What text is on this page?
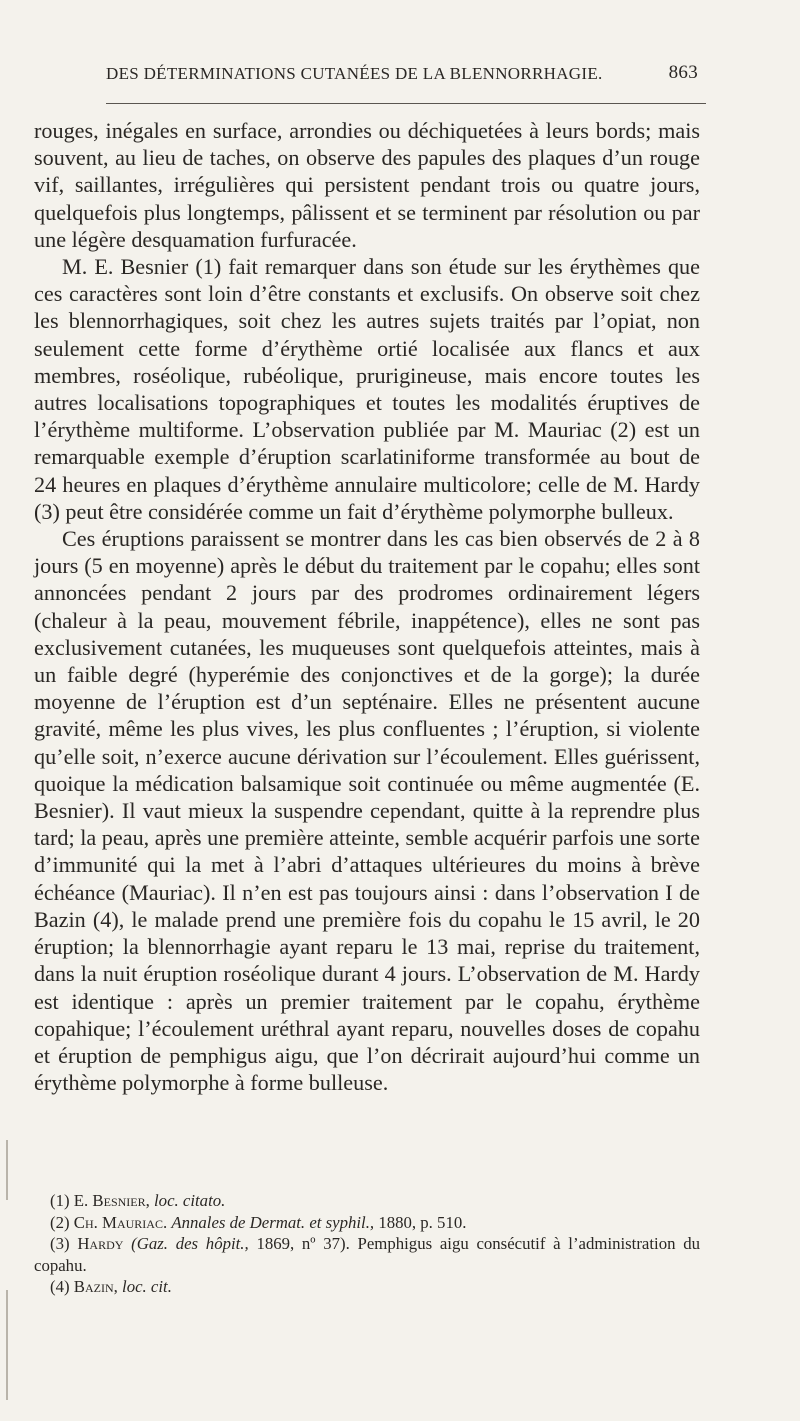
DES DÉTERMINATIONS CUTANÉES DE LA BLENNORRHAGIE.	863

rouges, inégales en surface, arrondies ou déchiquetées à leurs bords; mais souvent, au lieu de taches, on observe des papules des plaques d’un rouge vif, saillantes, irrégulières qui persistent pendant trois ou quatre jours, quelquefois plus longtemps, pâlissent et se terminent par résolution ou par une légère desquamation furfuracée.

M. E. Besnier (1) fait remarquer dans son étude sur les érythèmes que ces caractères sont loin d’être constants et exclusifs. On observe soit chez les blennorrhagiques, soit chez les autres sujets traités par l’opiat, non seulement cette forme d’érythème ortié localisée aux flancs et aux membres, roséolique, rubéolique, prurigineuse, mais encore toutes les autres localisations topographiques et toutes les modalités éruptives de l’érythème multiforme. L’observation publiée par M. Mauriac (2) est un remarquable exemple d’éruption scarlatiniforme transformée au bout de 24 heures en plaques d’érythème annulaire multicolore; celle de M. Hardy (3) peut être considérée comme un fait d’érythème polymorphe bulleux.

Ces éruptions paraissent se montrer dans les cas bien observés de 2 à 8 jours (5 en moyenne) après le début du traitement par le copahu; elles sont annoncées pendant 2 jours par des prodromes ordinairement légers (chaleur à la peau, mouvement fébrile, inappétence), elles ne sont pas exclusivement cutanées, les muqueuses sont quelquefois atteintes, mais à un faible degré (hyperémie des conjonctives et de la gorge); la durée moyenne de l’éruption est d’un septénaire. Elles ne présentent aucune gravité, même les plus vives, les plus confluentes ; l’éruption, si violente qu’elle soit, n’exerce aucune dérivation sur l’écoulement. Elles guérissent, quoique la médication balsamique soit continuée ou même augmentée (E. Besnier). Il vaut mieux la suspendre cependant, quitte à la reprendre plus tard; la peau, après une première atteinte, semble acquérir parfois une sorte d’immunité qui la met à l’abri d’attaques ultérieures du moins à brève échéance (Mauriac). Il n’en est pas toujours ainsi : dans l’observation I de Bazin (4), le malade prend une première fois du copahu le 15 avril, le 20 éruption; la blennorrhagie ayant reparu le 13 mai, reprise du traitement, dans la nuit éruption roséolique durant 4 jours. L’observation de M. Hardy est identique : après un premier traitement par le copahu, érythème copahique; l’écoulement uréthral ayant reparu, nouvelles doses de copahu et éruption de pemphigus aigu, que l’on décrirait aujourd’hui comme un érythème polymorphe à forme bulleuse.

(1) E. Besnier, loc. citato.

(2) Ch. Mauriac. Annales de Dermat. et syphil., 1880, p. 510.

(3) Hardy (Gaz. des hôpit., 1869, nº 37). Pemphigus aigu consécutif à l’administration du copahu.

(4) Bazin, loc. cit.
